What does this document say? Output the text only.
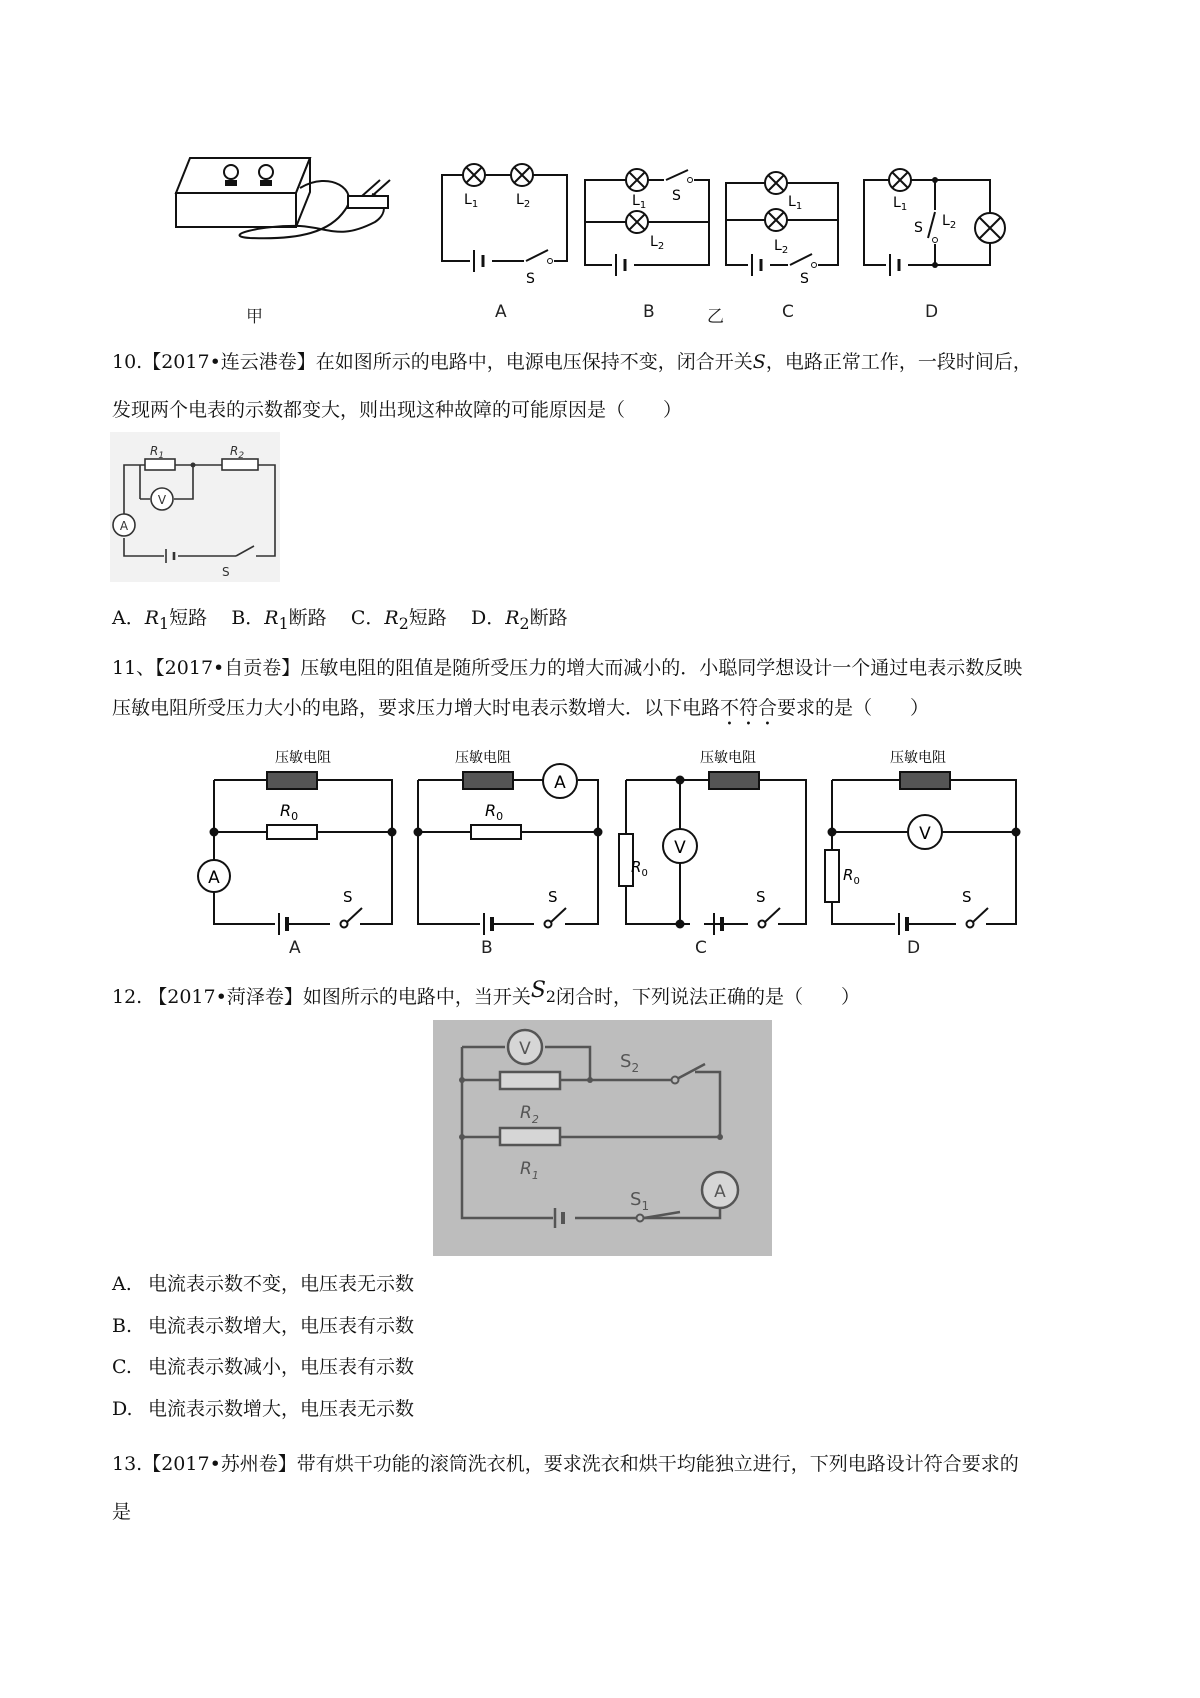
$L_1$	$L_2$
S
$L_1$
S
$L_2$
$L_1$
$L_2$
S
$L_1$
S $L_2$
甲	A	B	乙	C	D
10.【2017•连云港卷】在如图所示的电路中，电源电压保持不变，闭合开关S，电路正常工作，一段时间后，
发现两个电表的示数都变大，则出现这种故障的可能原因是（　　）
V
A
$R_1$	$R_2$
S
A．$R_1$短路 B．$R_1$断路 C．$R_2$短路 D．$R_2$断路
11、【2017•自贡卷】压敏电阻的阻值是随所受压力的增大而减小的．小聪同学想设计一个通过电表示数反映
压敏电阻所受压力大小的电路，要求压力增大时电表示数增大．以下电路不符合要求的是（　　）
A
压敏电阻
$R_0$
S
A
压敏电阻
$R_0$
S
V
压敏电阻
$R_0$
S
V
压敏电阻
$R_0$
S
A	B	C	D
12. 【2017•菏泽卷】如图所示的电路中，当开关$S_2$闭合时，下列说法正确的是（　　）
V
A
$S_2$
$R_2$
$R_1$
$S_1$
A. 电流表示数不变，电压表无示数
B. 电流表示数增大，电压表有示数
C. 电流表示数减小，电压表有示数
D. 电流表示数增大，电压表无示数
13.【2017•苏州卷】带有烘干功能的滚筒洗衣机，要求洗衣和烘干均能独立进行，下列电路设计符合要求的
是
